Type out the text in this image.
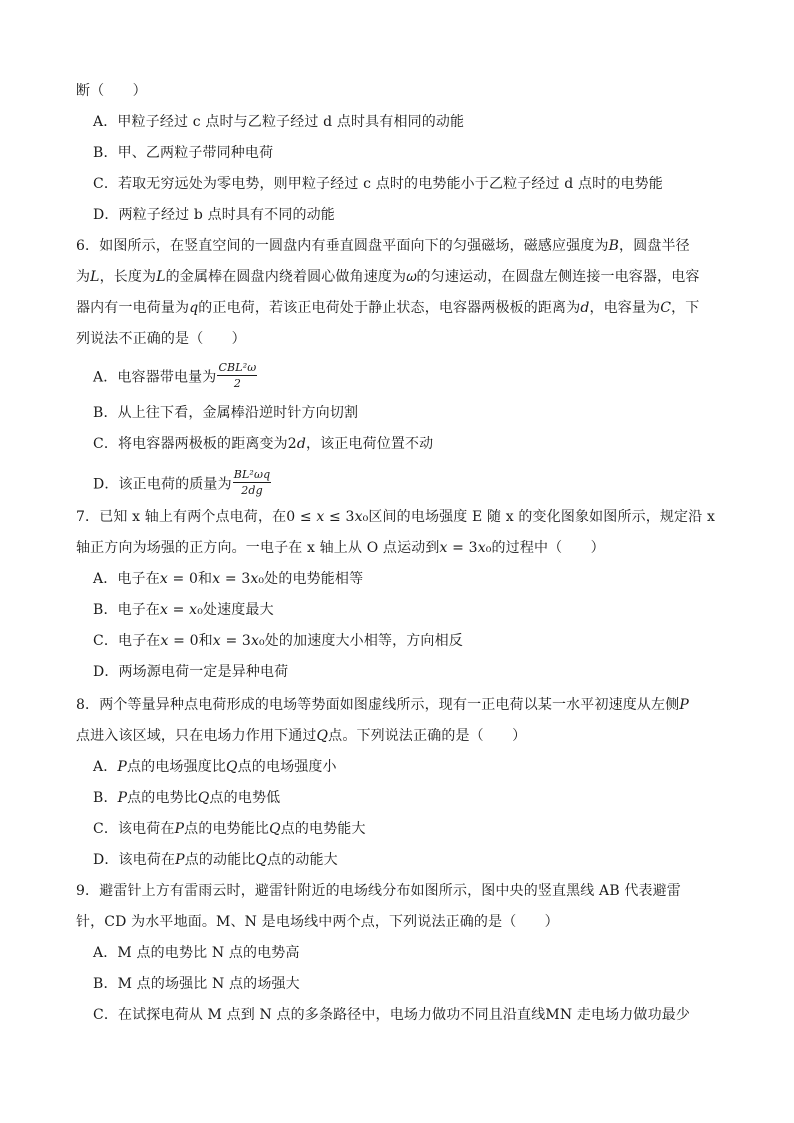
断（　　）
A．甲粒子经过 c 点时与乙粒子经过 d 点时具有相同的动能
B．甲、乙两粒子带同种电荷
C．若取无穷远处为零电势，则甲粒子经过 c 点时的电势能小于乙粒子经过 d 点时的电势能
D．两粒子经过 b 点时具有不同的动能
6．如图所示，在竖直空间的一圆盘内有垂直圆盘平面向下的匀强磁场，磁感应强度为𝐵，圆盘半径
为𝐿，长度为𝐿的金属棒在圆盘内绕着圆心做角速度为𝜔的匀速运动，在圆盘左侧连接一电容器，电容
器内有一电荷量为𝑞的正电荷，若该正电荷处于静止状态，电容器两极板的距离为𝑑，电容量为𝐶，下
列说法不正确的是（　　）
A．电容器带电量为 $\frac{\text{CBL²ω}}{2}$
B．从上往下看，金属棒沿逆时针方向切割
C．将电容器两极板的距离变为2𝑑，该正电荷位置不动
D．该正电荷的质量为 $\frac{\text{BL²ωq}}{2dg}$
7．已知 x 轴上有两个点电荷，在0 ≤ 𝑥 ≤ 3𝑥₀区间的电场强度 E 随 x 的变化图象如图所示，规定沿 x
轴正方向为场强的正方向。一电子在 x 轴上从 O 点运动到𝑥 = 3𝑥₀的过程中（　　）
A．电子在𝑥 = 0和𝑥 = 3𝑥₀处的电势能相等
B．电子在𝑥 = 𝑥₀处速度最大
C．电子在𝑥 = 0和𝑥 = 3𝑥₀处的加速度大小相等，方向相反
D．两场源电荷一定是异种电荷
8．两个等量异种点电荷形成的电场等势面如图虚线所示，现有一正电荷以某一水平初速度从左侧𝑃
点进入该区域，只在电场力作用下通过𝑄点。下列说法正确的是（　　）
A．𝑃点的电场强度比𝑄点的电场强度小
B．𝑃点的电势比𝑄点的电势低
C．该电荷在𝑃点的电势能比𝑄点的电势能大
D．该电荷在𝑃点的动能比𝑄点的动能大
9．避雷针上方有雷雨云时，避雷针附近的电场线分布如图所示，图中央的竖直黑线 AB 代表避雷
针，CD 为水平地面。M、N 是电场线中两个点，下列说法正确的是（　　）
A．M 点的电势比 N 点的电势高
B．M 点的场强比 N 点的场强大
C．在试探电荷从 M 点到 N 点的多条路径中，电场力做功不同且沿直线MN 走电场力做功最少
